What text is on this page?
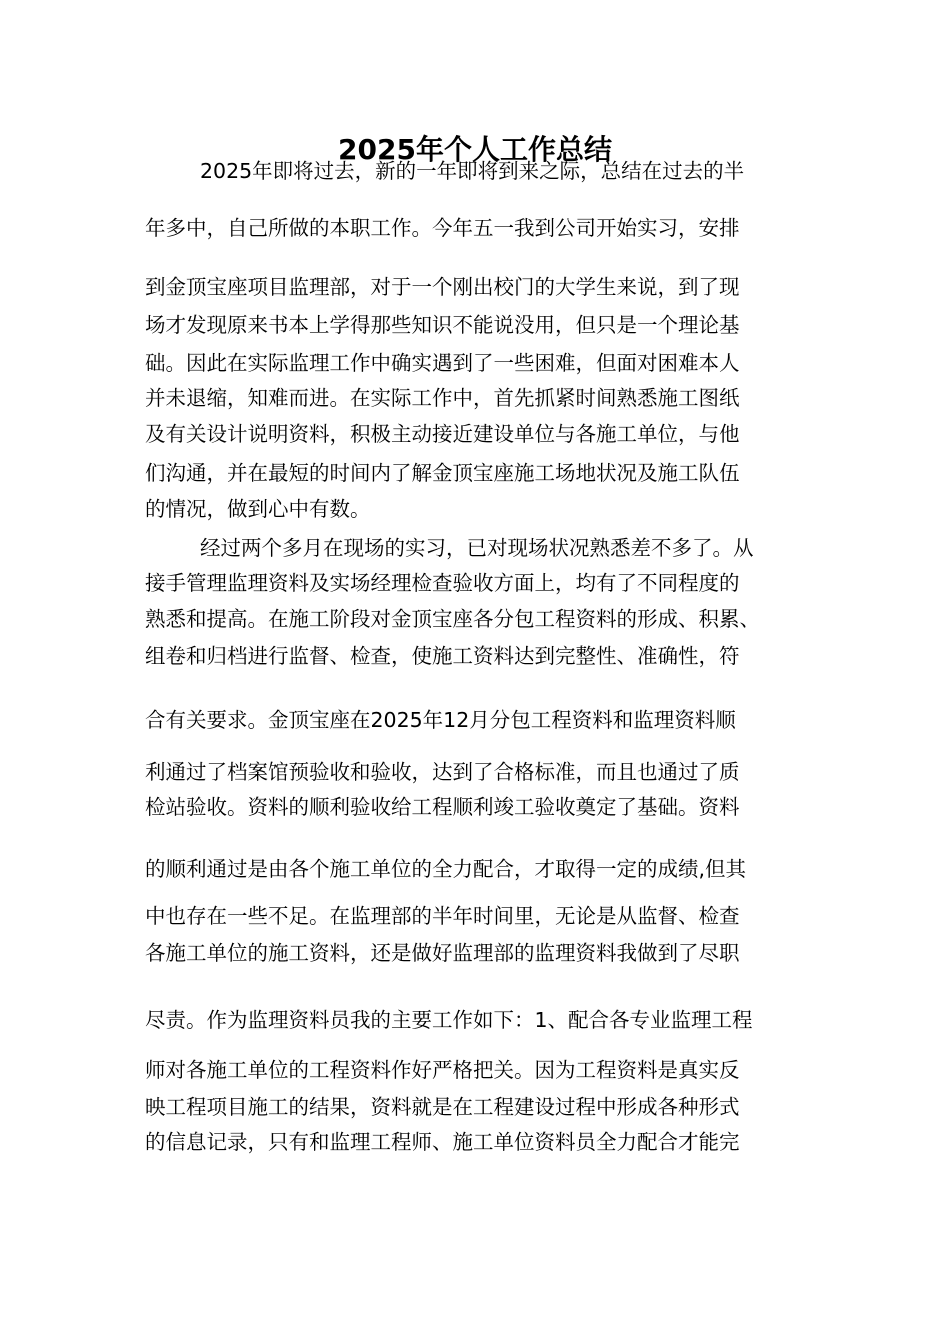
2025年个人工作总结
2025年即将过去，新的一年即将到来之际，总结在过去的半
年多中，自己所做的本职工作。今年五一我到公司开始实习，安排
到金顶宝座项目监理部，对于一个刚出校门的大学生来说，到了现
场才发现原来书本上学得那些知识不能说没用，但只是一个理论基
础。因此在实际监理工作中确实遇到了一些困难，但面对困难本人
并未退缩，知难而进。在实际工作中，首先抓紧时间熟悉施工图纸
及有关设计说明资料，积极主动接近建设单位与各施工单位，与他
们沟通，并在最短的时间内了解金顶宝座施工场地状况及施工队伍
的情况，做到心中有数。
经过两个多月在现场的实习，已对现场状况熟悉差不多了。从
接手管理监理资料及实场经理检查验收方面上，均有了不同程度的
熟悉和提高。在施工阶段对金顶宝座各分包工程资料的形成、积累、
组卷和归档进行监督、检查，使施工资料达到完整性、准确性，符
合有关要求。金顶宝座在2025年12月分包工程资料和监理资料顺
利通过了档案馆预验收和验收，达到了合格标准，而且也通过了质
检站验收。资料的顺利验收给工程顺利竣工验收奠定了基础。资料
的顺利通过是由各个施工单位的全力配合，才取得一定的成绩,但其
中也存在一些不足。在监理部的半年时间里，无论是从监督、检查
各施工单位的施工资料，还是做好监理部的监理资料我做到了尽职
尽责。作为监理资料员我的主要工作如下：1、配合各专业监理工程
师对各施工单位的工程资料作好严格把关。因为工程资料是真实反
映工程项目施工的结果，资料就是在工程建设过程中形成各种形式
的信息记录，只有和监理工程师、施工单位资料员全力配合才能完
